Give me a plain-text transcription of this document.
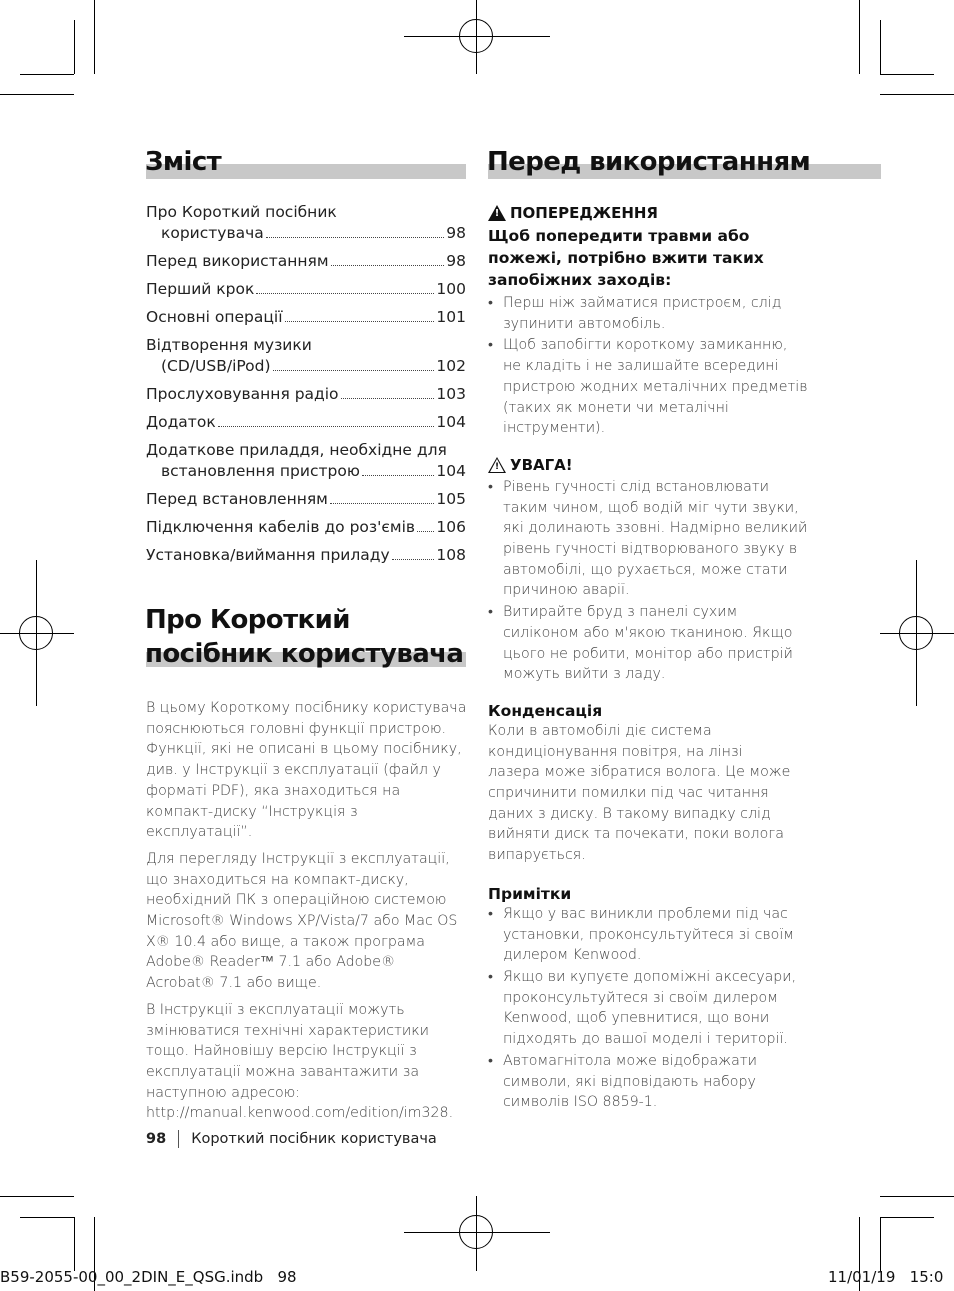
Зміст
Про Короткий посібник
користувача	98
Перед використанням	98
Перший крок	100
Основні операції	101
Відтворення музики
(CD/USB/iPod)	102
Прослуховування радіо	103
Додаток	104
Додаткове приладдя, необхідне для
встановлення пристрою	104
Перед встановленням	105
Підключення кабелів до роз'ємів 106
Установка/виймання приладу	108
Про Короткий
посібник користувача

В цьому Короткому посібнику користувача пояснюються головні функції пристрою. Функції, які не описані в цьому посібнику, див. у Інструкції з експлуатації (файл у форматі PDF), яка знаходиться на компакт-диску “Інструкція з експлуатації”.

Для перегляду Інструкції з експлуатації, що знаходиться на компакт-диску, необхідний ПК з операційною системою Microsoft® Windows XP/Vista/7 або Mac OS X® 10.4 або вище, а також програма Adobe® Reader™ 7.1 або Adobe® Acrobat® 7.1 або вище.

В Інструкції з експлуатації можуть змінюватися технічні характеристики тощо. Найновішу версію Інструкції з експлуатації можна завантажити за наступною адресою: http://manual.kenwood.com/edition/im328.

Перед використанням
! ПОПЕРЕДЖЕННЯ

Щоб попередити травми або пожежі, потрібно вжити таких запобіжних заходів:

• Перш ніж займатися пристроєм, слід зупинити автомобіль.
• Щоб запобігти короткому замиканню, не кладіть і не залишайте всередині пристрою жодних металічних предметів (таких як монети чи металічні інструменти).
! УВАГА!
• Рівень гучності слід встановлювати таким чином, щоб водій міг чути звуки, які долинають ззовні. Надмірно великий рівень гучності відтворюваного звуку в автомобілі, що рухається, може стати причиною аварії.
• Витирайте бруд з панелі сухим силіконом або м'якою тканиною. Якщо цього не робити, монітор або пристрій можуть вийти з ладу.

Конденсація

Коли в автомобілі діє система кондиціонування повітря, на лінзі лазера може зібратися волога. Це може спричинити помилки під час читання даних з диску. В такому випадку слід вийняти диск та почекати, поки волога випарується.

Примітки

• Якщо у вас виникли проблеми під час установки, проконсультуйтеся зі своїм дилером Kenwood.
• Якщо ви купуєте допоміжні аксесуари, проконсультуйтеся зі своїм дилером Kenwood, щоб упевнитися, що вони підходять до вашої моделі і території.
• Автомагнітола може відображати символи, які відповідають набору символів ISO 8859-1.
98 Короткий посібник користувача
B59-2055-00_00_2DIN_E_QSG.indb 98	11/01/19   15:0
